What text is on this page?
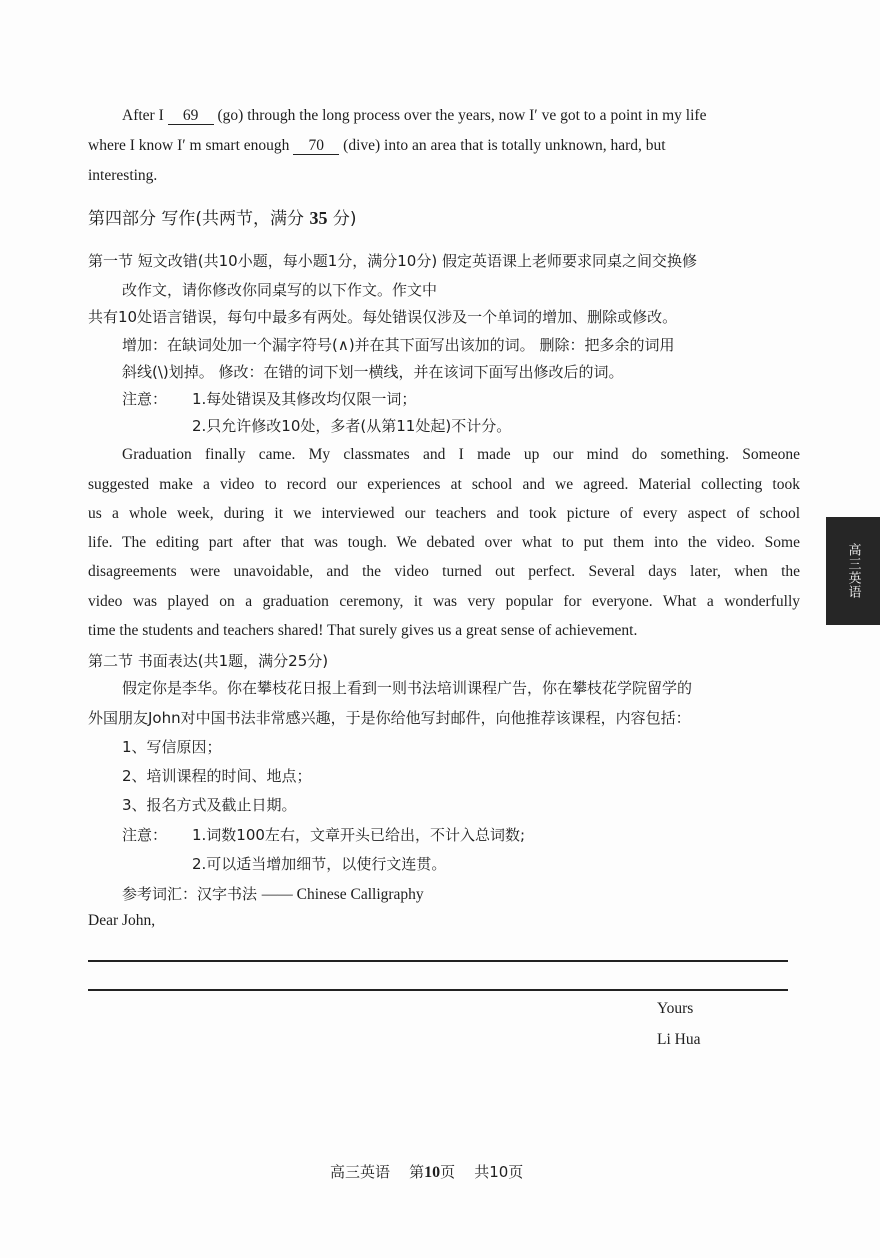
After I 69 (go) through the long process over the years, now I′ ve got to a point in my life
where I know I′ m smart enough 70 (dive) into an area that is totally unknown, hard, but
interesting.
第四部分 写作(共两节，满分 35 分)
第一节 短文改错(共10小题，每小题1分，满分10分) 假定英语课上老师要求同桌之间交换修
改作文，请你修改你同桌写的以下作文。作文中
共有10处语言错误，每句中最多有两处。每处错误仅涉及一个单词的增加、删除或修改。
增加：在缺词处加一个漏字符号(∧)并在其下面写出该加的词。 删除：把多余的词用
斜线(\)划掉。 修改：在错的词下划一横线，并在该词下面写出修改后的词。
注意： 1.每处错误及其修改均仅限一词；
2.只允许修改10处，多者(从第11处起)不计分。
Graduation finally came. My classmates and I made up our mind do something. Someone
suggested make a video to record our experiences at school and we agreed. Material collecting took
us a whole week, during it we interviewed our teachers and took picture of every aspect of school
life. The editing part after that was tough. We debated over what to put them into the video. Some
disagreements were unavoidable, and the video turned out perfect. Several days later, when the
video was played on a graduation ceremony, it was very popular for everyone. What a wonderfully
time the students and teachers shared! That surely gives us a great sense of achievement.
第二节 书面表达(共1题，满分25分)
假定你是李华。你在攀枝花日报上看到一则书法培训课程广告，你在攀枝花学院留学的
外国朋友John对中国书法非常感兴趣，于是你给他写封邮件，向他推荐该课程，内容包括：
1、写信原因；
2、培训课程的时间、地点；
3、报名方式及截止日期。
注意： 1.词数100左右，文章开头已给出，不计入总词数;
2.可以适当增加细节，以使行文连贯。
参考词汇：汉字书法 —— Chinese Calligraphy
Dear John,
Yours
Li Hua
高三英语
高三英语 第10页 共10页
